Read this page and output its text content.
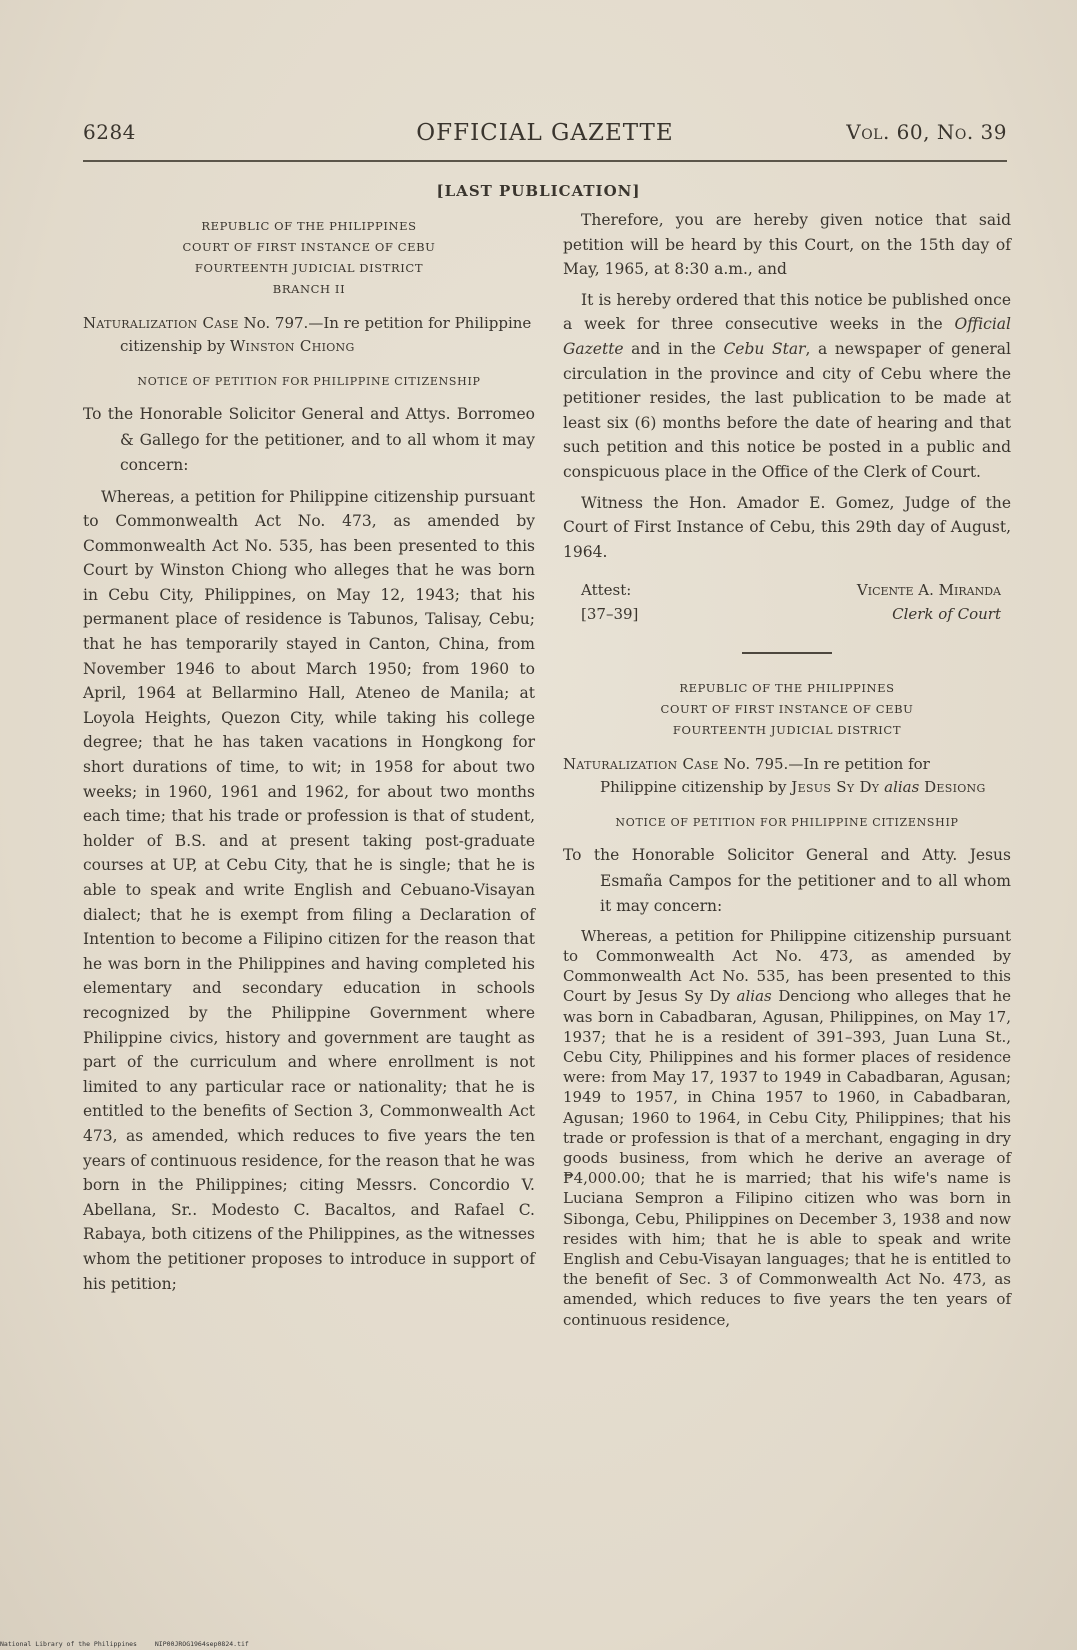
6284	OFFICIAL GAZETTE	Vol. 60, No. 39
[LAST PUBLICATION]
REPUBLIC OF THE PHILIPPINES
COURT OF FIRST INSTANCE OF CEBU
FOURTEENTH JUDICIAL DISTRICT
BRANCH II

Naturalization Case No. 797.—In re petition for Philippine citizenship by Winston Chiong

NOTICE OF PETITION FOR PHILIPPINE CITIZENSHIP

To the Honorable Solicitor General and Attys. Borromeo & Gallego for the petitioner, and to all whom it may concern:

Whereas, a petition for Philippine citizenship pursuant to Commonwealth Act No. 473, as amended by Commonwealth Act No. 535, has been presented to this Court by Winston Chiong who alleges that he was born in Cebu City, Philippines, on May 12, 1943; that his permanent place of residence is Tabunos, Talisay, Cebu; that he has temporarily stayed in Canton, China, from November 1946 to about March 1950; from 1960 to April, 1964 at Bellarmino Hall, Ateneo de Manila; at Loyola Heights, Quezon City, while taking his college degree; that he has taken vacations in Hongkong for short durations of time, to wit; in 1958 for about two weeks; in 1960, 1961 and 1962, for about two months each time; that his trade or profession is that of student, holder of B.S. and at present taking post-graduate courses at UP, at Cebu City, that he is single; that he is able to speak and write English and Cebuano-Visayan dialect; that he is exempt from filing a Declaration of Intention to become a Filipino citizen for the reason that he was born in the Philippines and having completed his elementary and secondary education in schools recognized by the Philippine Government where Philippine civics, history and government are taught as part of the curriculum and where enrollment is not limited to any particular race or nationality; that he is entitled to the benefits of Section 3, Commonwealth Act 473, as amended, which reduces to five years the ten years of continuous residence, for the reason that he was born in the Philippines; citing Messrs. Concordio V. Abellana, Sr.. Modesto C. Bacaltos, and Rafael C. Rabaya, both citizens of the Philippines, as the witnesses whom the petitioner proposes to introduce in support of his petition;

Therefore, you are hereby given notice that said petition will be heard by this Court, on the 15th day of May, 1965, at 8:30 a.m., and

It is hereby ordered that this notice be published once a week for three consecutive weeks in the Official Gazette and in the Cebu Star, a newspaper of general circulation in the province and city of Cebu where the petitioner resides, the last publication to be made at least six (6) months before the date of hearing and that such petition and this notice be posted in a public and conspicuous place in the Office of the Clerk of Court.

Witness the Hon. Amador E. Gomez, Judge of the Court of First Instance of Cebu, this 29th day of August, 1964.

Attest:
[37–39]
Vicente A. Miranda
Clerk of Court
REPUBLIC OF THE PHILIPPINES
COURT OF FIRST INSTANCE OF CEBU
FOURTEENTH JUDICIAL DISTRICT

Naturalization Case No. 795.—In re petition for Philippine citizenship by Jesus Sy Dy alias Desiong

NOTICE OF PETITION FOR PHILIPPINE CITIZENSHIP

To the Honorable Solicitor General and Atty. Jesus Esmaña Campos for the petitioner and to all whom it may concern:

Whereas, a petition for Philippine citizenship pursuant to Commonwealth Act No. 473, as amended by Commonwealth Act No. 535, has been presented to this Court by Jesus Sy Dy alias Denciong who alleges that he was born in Cabadbaran, Agusan, Philippines, on May 17, 1937; that he is a resident of 391–393, Juan Luna St., Cebu City, Philippines and his former places of residence were: from May 17, 1937 to 1949 in Cabadbaran, Agusan; 1949 to 1957, in China 1957 to 1960, in Cabadbaran, Agusan; 1960 to 1964, in Cebu City, Philippines; that his trade or profession is that of a merchant, engaging in dry goods business, from which he derive an average of ₱4,000.00; that he is married; that his wife's name is Luciana Sempron a Filipino citizen who was born in Sibonga, Cebu, Philippines on December 3, 1938 and now resides with him; that he is able to speak and write English and Cebu-Visayan languages; that he is entitled to the benefit of Sec. 3 of Commonwealth Act No. 473, as amended, which reduces to five years the ten years of continuous residence,

National Library of the Philippines	NIP00JROG1964sep0824.tif
